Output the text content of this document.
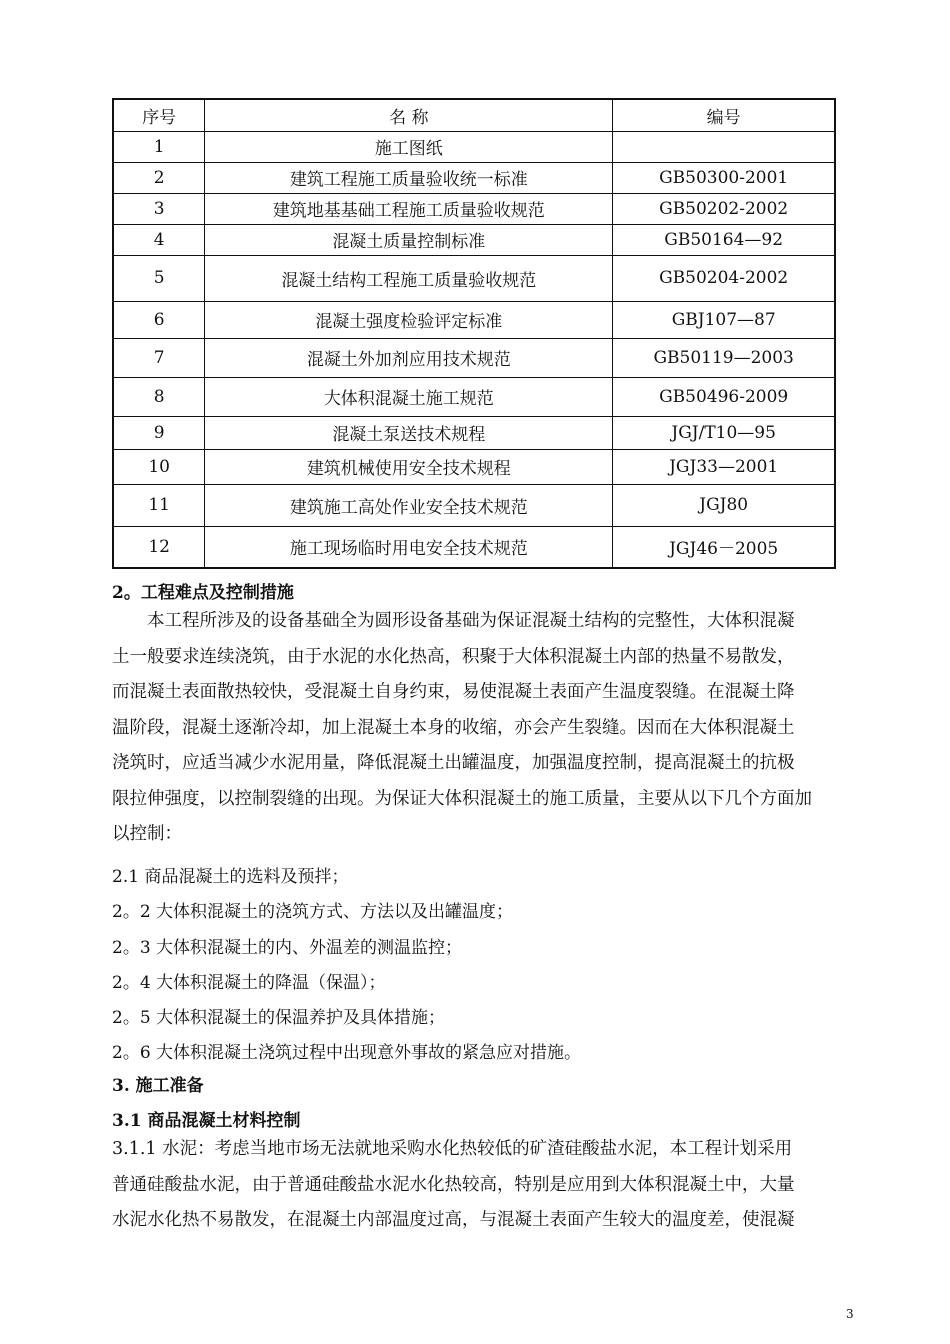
序号	名 称	编号
1	施工图纸	
2	建筑工程施工质量验收统一标准	GB50300-2001
3	建筑地基基础工程施工质量验收规范	GB50202-2002
4	混凝土质量控制标准	GB50164—92
5	混凝土结构工程施工质量验收规范	GB50204-2002
6	混凝土强度检验评定标准	GBJ107—87
7	混凝土外加剂应用技术规范	GB50119—2003
8	大体积混凝土施工规范	GB50496-2009
9	混凝土泵送技术规程	JGJ/T10—95
10	建筑机械使用安全技术规程	JGJ33—2001
11	建筑施工高处作业安全技术规范	JGJ80
12	施工现场临时用电安全技术规范	JGJ46－2005
2。工程难点及控制措施
本工程所涉及的设备基础全为圆形设备基础为保证混凝土结构的完整性，大体积混凝
土一般要求连续浇筑，由于水泥的水化热高，积聚于大体积混凝土内部的热量不易散发，
而混凝土表面散热较快，受混凝土自身约束，易使混凝土表面产生温度裂缝。在混凝土降
温阶段，混凝土逐渐冷却，加上混凝土本身的收缩，亦会产生裂缝。因而在大体积混凝土
浇筑时，应适当减少水泥用量，降低混凝土出罐温度，加强温度控制，提高混凝土的抗极
限拉伸强度，以控制裂缝的出现。为保证大体积混凝土的施工质量，主要从以下几个方面加
以控制：
2.1 商品混凝土的选料及预拌；
2。2 大体积混凝土的浇筑方式、方法以及出罐温度；
2。3 大体积混凝土的内、外温差的测温监控；
2。4 大体积混凝土的降温（保温）；
2。5 大体积混凝土的保温养护及具体措施；
2。6 大体积混凝土浇筑过程中出现意外事故的紧急应对措施。
3. 施工准备
3.1 商品混凝土材料控制
3.1.1 水泥：考虑当地市场无法就地采购水化热较低的矿渣硅酸盐水泥，本工程计划采用
普通硅酸盐水泥，由于普通硅酸盐水泥水化热较高，特别是应用到大体积混凝土中，大量
水泥水化热不易散发，在混凝土内部温度过高，与混凝土表面产生较大的温度差，使混凝
3
